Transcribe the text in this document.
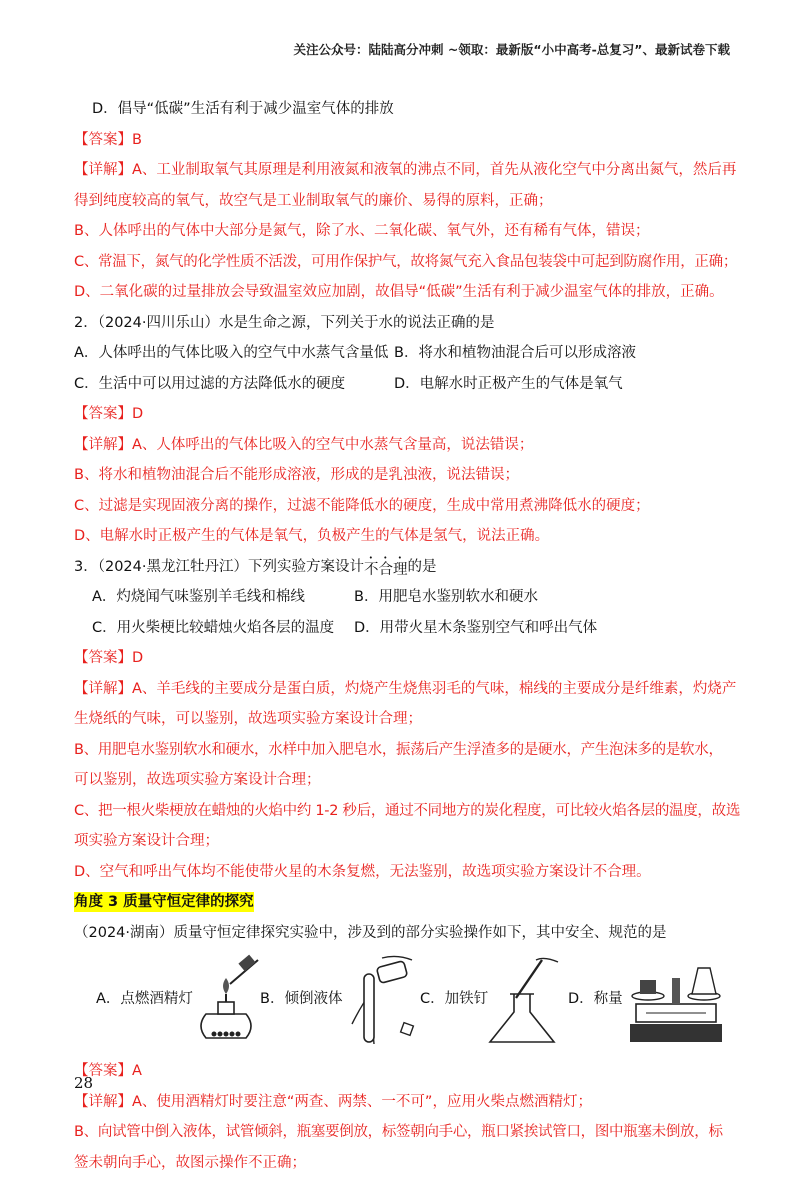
关注公众号：陆陆高分冲刺 ~领取：最新版“小中高考-总复习”、最新试卷下载
D．倡导“低碳”生活有利于减少温室气体的排放
【答案】 B
【详解】 A、工业制取氧气其原理是利用液氮和液氧的沸点不同，首先从液化空气中分离出氮气，然后再
得到纯度较高的氧气，故空气是工业制取氧气的廉价、易得的原料，正确；
B、人体呼出的气体中大部分是氮气，除了水、二氧化碳、氧气外，还有稀有气体，错误；
C、常温下，氮气的化学性质不活泼，可用作保护气，故将氮气充入食品包装袋中可起到防腐作用，正确；
D、二氧化碳的过量排放会导致温室效应加剧，故倡导“低碳”生活有利于减少温室气体的排放，正确。
2．（2024·四川乐山）水是生命之源，下列关于水的说法正确的是
A．人体呼出的气体比吸入的空气中水蒸气含量低 B．将水和植物油混合后可以形成溶液
C．生活中可以用过滤的方法降低水的硬度	D．电解水时正极产生的气体是氧气
【答案】 D
【详解】 A、人体呼出的气体比吸入的空气中水蒸气含量高，说法错误；
B、将水和植物油混合后不能形成溶液，形成的是乳浊液，说法错误；
C、过滤是实现固液分离的操作，过滤不能降低水的硬度，生成中常用煮沸降低水的硬度；
D、电解水时正极产生的气体是氧气，负极产生的气体是氢气，说法正确。
3．（2024·黑龙江牡丹江）下列实验方案设计 不合理 的是
A．灼烧闻气味鉴别羊毛线和棉线	B．用肥皂水鉴别软水和硬水
C．用火柴梗比较蜡烛火焰各层的温度	D．用带火星木条鉴别空气和呼出气体
【答案】 D
【详解】 A、羊毛线的主要成分是蛋白质，灼烧产生烧焦羽毛的气味，棉线的主要成分是纤维素，灼烧产
生烧纸的气味，可以鉴别，故选项实验方案设计合理；
B、用肥皂水鉴别软水和硬水，水样中加入肥皂水，振荡后产生浮渣多的是硬水，产生泡沫多的是软水，
可以鉴别，故选项实验方案设计合理；
C、把一根火柴梗放在蜡烛的火焰中约 1-2 秒后，通过不同地方的炭化程度，可比较火焰各层的温度，故选
项实验方案设计合理；
D、空气和呼出气体均不能使带火星的木条复燃，无法鉴别，故选项实验方案设计不合理。
角度 3 质量守恒定律的探究
（2024·湖南）质量守恒定律探究实验中，涉及到的部分实验操作如下，其中安全、规范的是
A．点燃酒精灯	B．倾倒液体	C．加铁钉	D．称量
【答案】 A
【详解】 A、使用酒精灯时要注意“两查、两禁、一不可”，应用火柴点燃酒精灯；
B、向试管中倒入液体，试管倾斜，瓶塞要倒放，标签朝向手心，瓶口紧挨试管口，图中瓶塞未倒放，标
签未朝向手心，故图示操作不正确；
28
